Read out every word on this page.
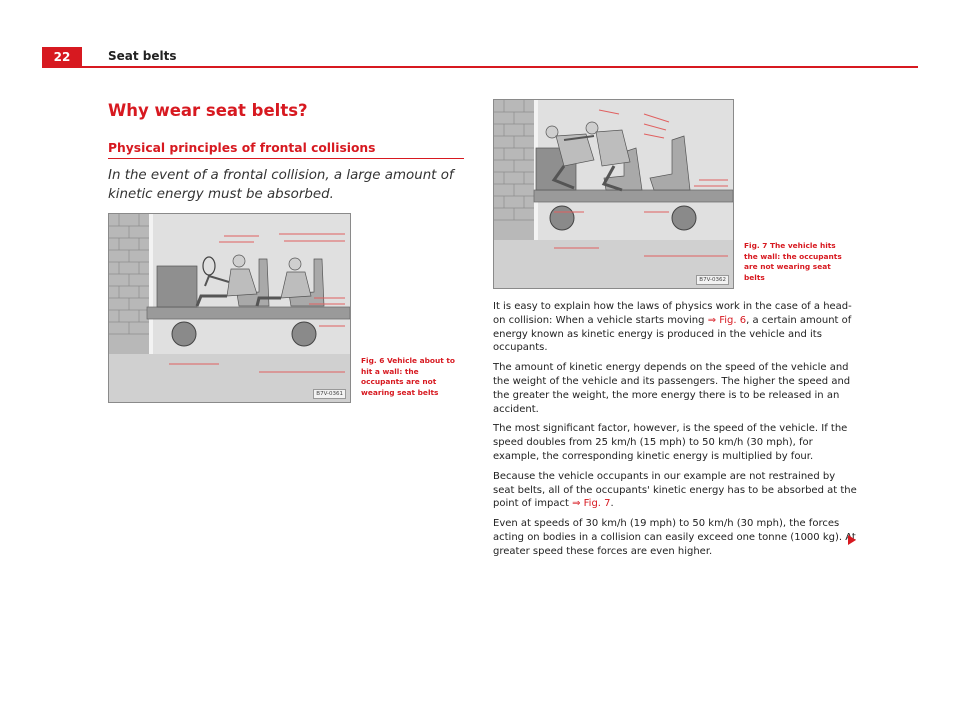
22	Seat belts
Why wear seat belts?
Physical principles of frontal collisions
In the event of a frontal collision, a large amount of kinetic energy must be absorbed.
B7V-0361
Fig. 6 Vehicle about to hit a wall: the occupants are not wearing seat belts
B7V-0362
Fig. 7 The vehicle hits the wall: the occupants are not wearing seat belts

It is easy to explain how the laws of physics work in the case of a head-on collision: When a vehicle starts moving ⇒ Fig. 6, a certain amount of energy known as kinetic energy is produced in the vehicle and its occupants.

The amount of kinetic energy depends on the speed of the vehicle and the weight of the vehicle and its passengers. The higher the speed and the greater the weight, the more energy there is to be released in an accident.

The most significant factor, however, is the speed of the vehicle. If the speed doubles from 25 km/h (15 mph) to 50 km/h (30 mph), for example, the corresponding kinetic energy is multiplied by four.

Because the vehicle occupants in our example are not restrained by seat belts, all of the occupants' kinetic energy has to be absorbed at the point of impact ⇒ Fig. 7.

Even at speeds of 30 km/h (19 mph) to 50 km/h (30 mph), the forces acting on bodies in a collision can easily exceed one tonne (1000 kg). At greater speed these forces are even higher.
